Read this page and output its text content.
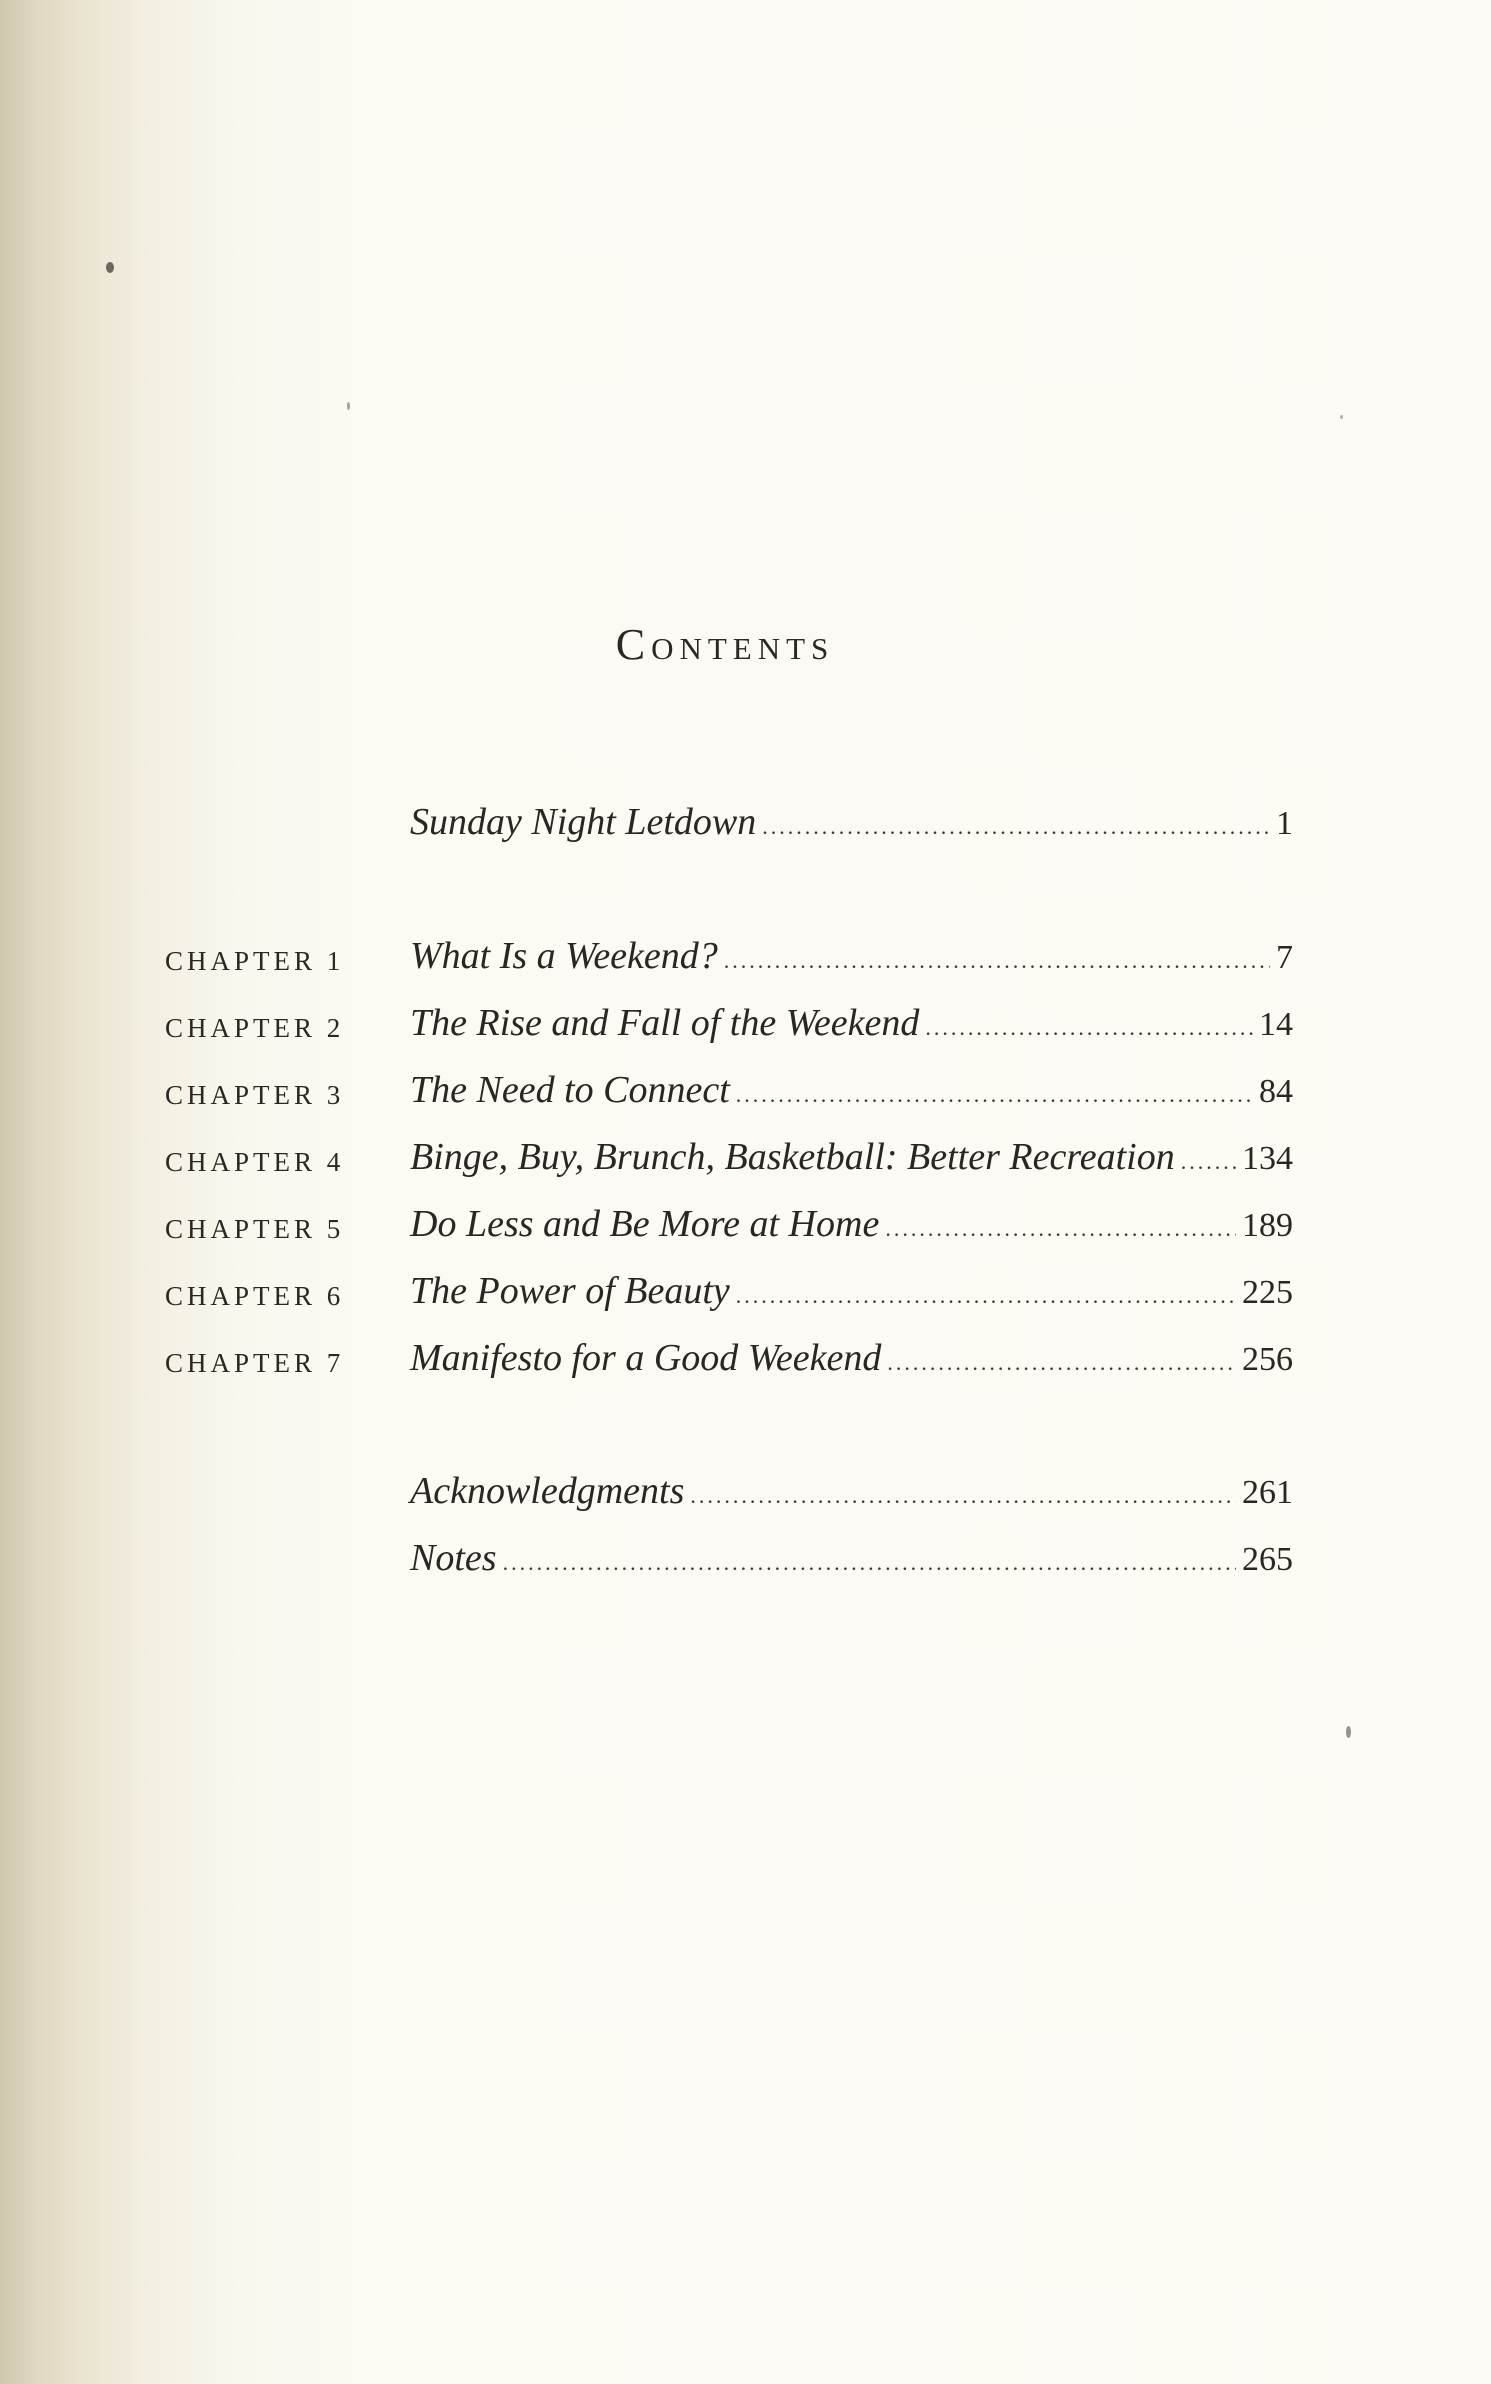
Contents
Sunday Night Letdown .....	1
CHAPTER 1 What Is a Weekend? .....	7
CHAPTER 2 The Rise and Fall of the Weekend .....	14
CHAPTER 3 The Need to Connect .....	84
CHAPTER 4 Binge, Buy, Brunch, Basketball: Better Recreation ..... 134
CHAPTER 5 Do Less and Be More at Home .....	189
CHAPTER 6 The Power of Beauty .....	225
CHAPTER 7 Manifesto for a Good Weekend .....	256
Acknowledgments .....	261
Notes .....	265
